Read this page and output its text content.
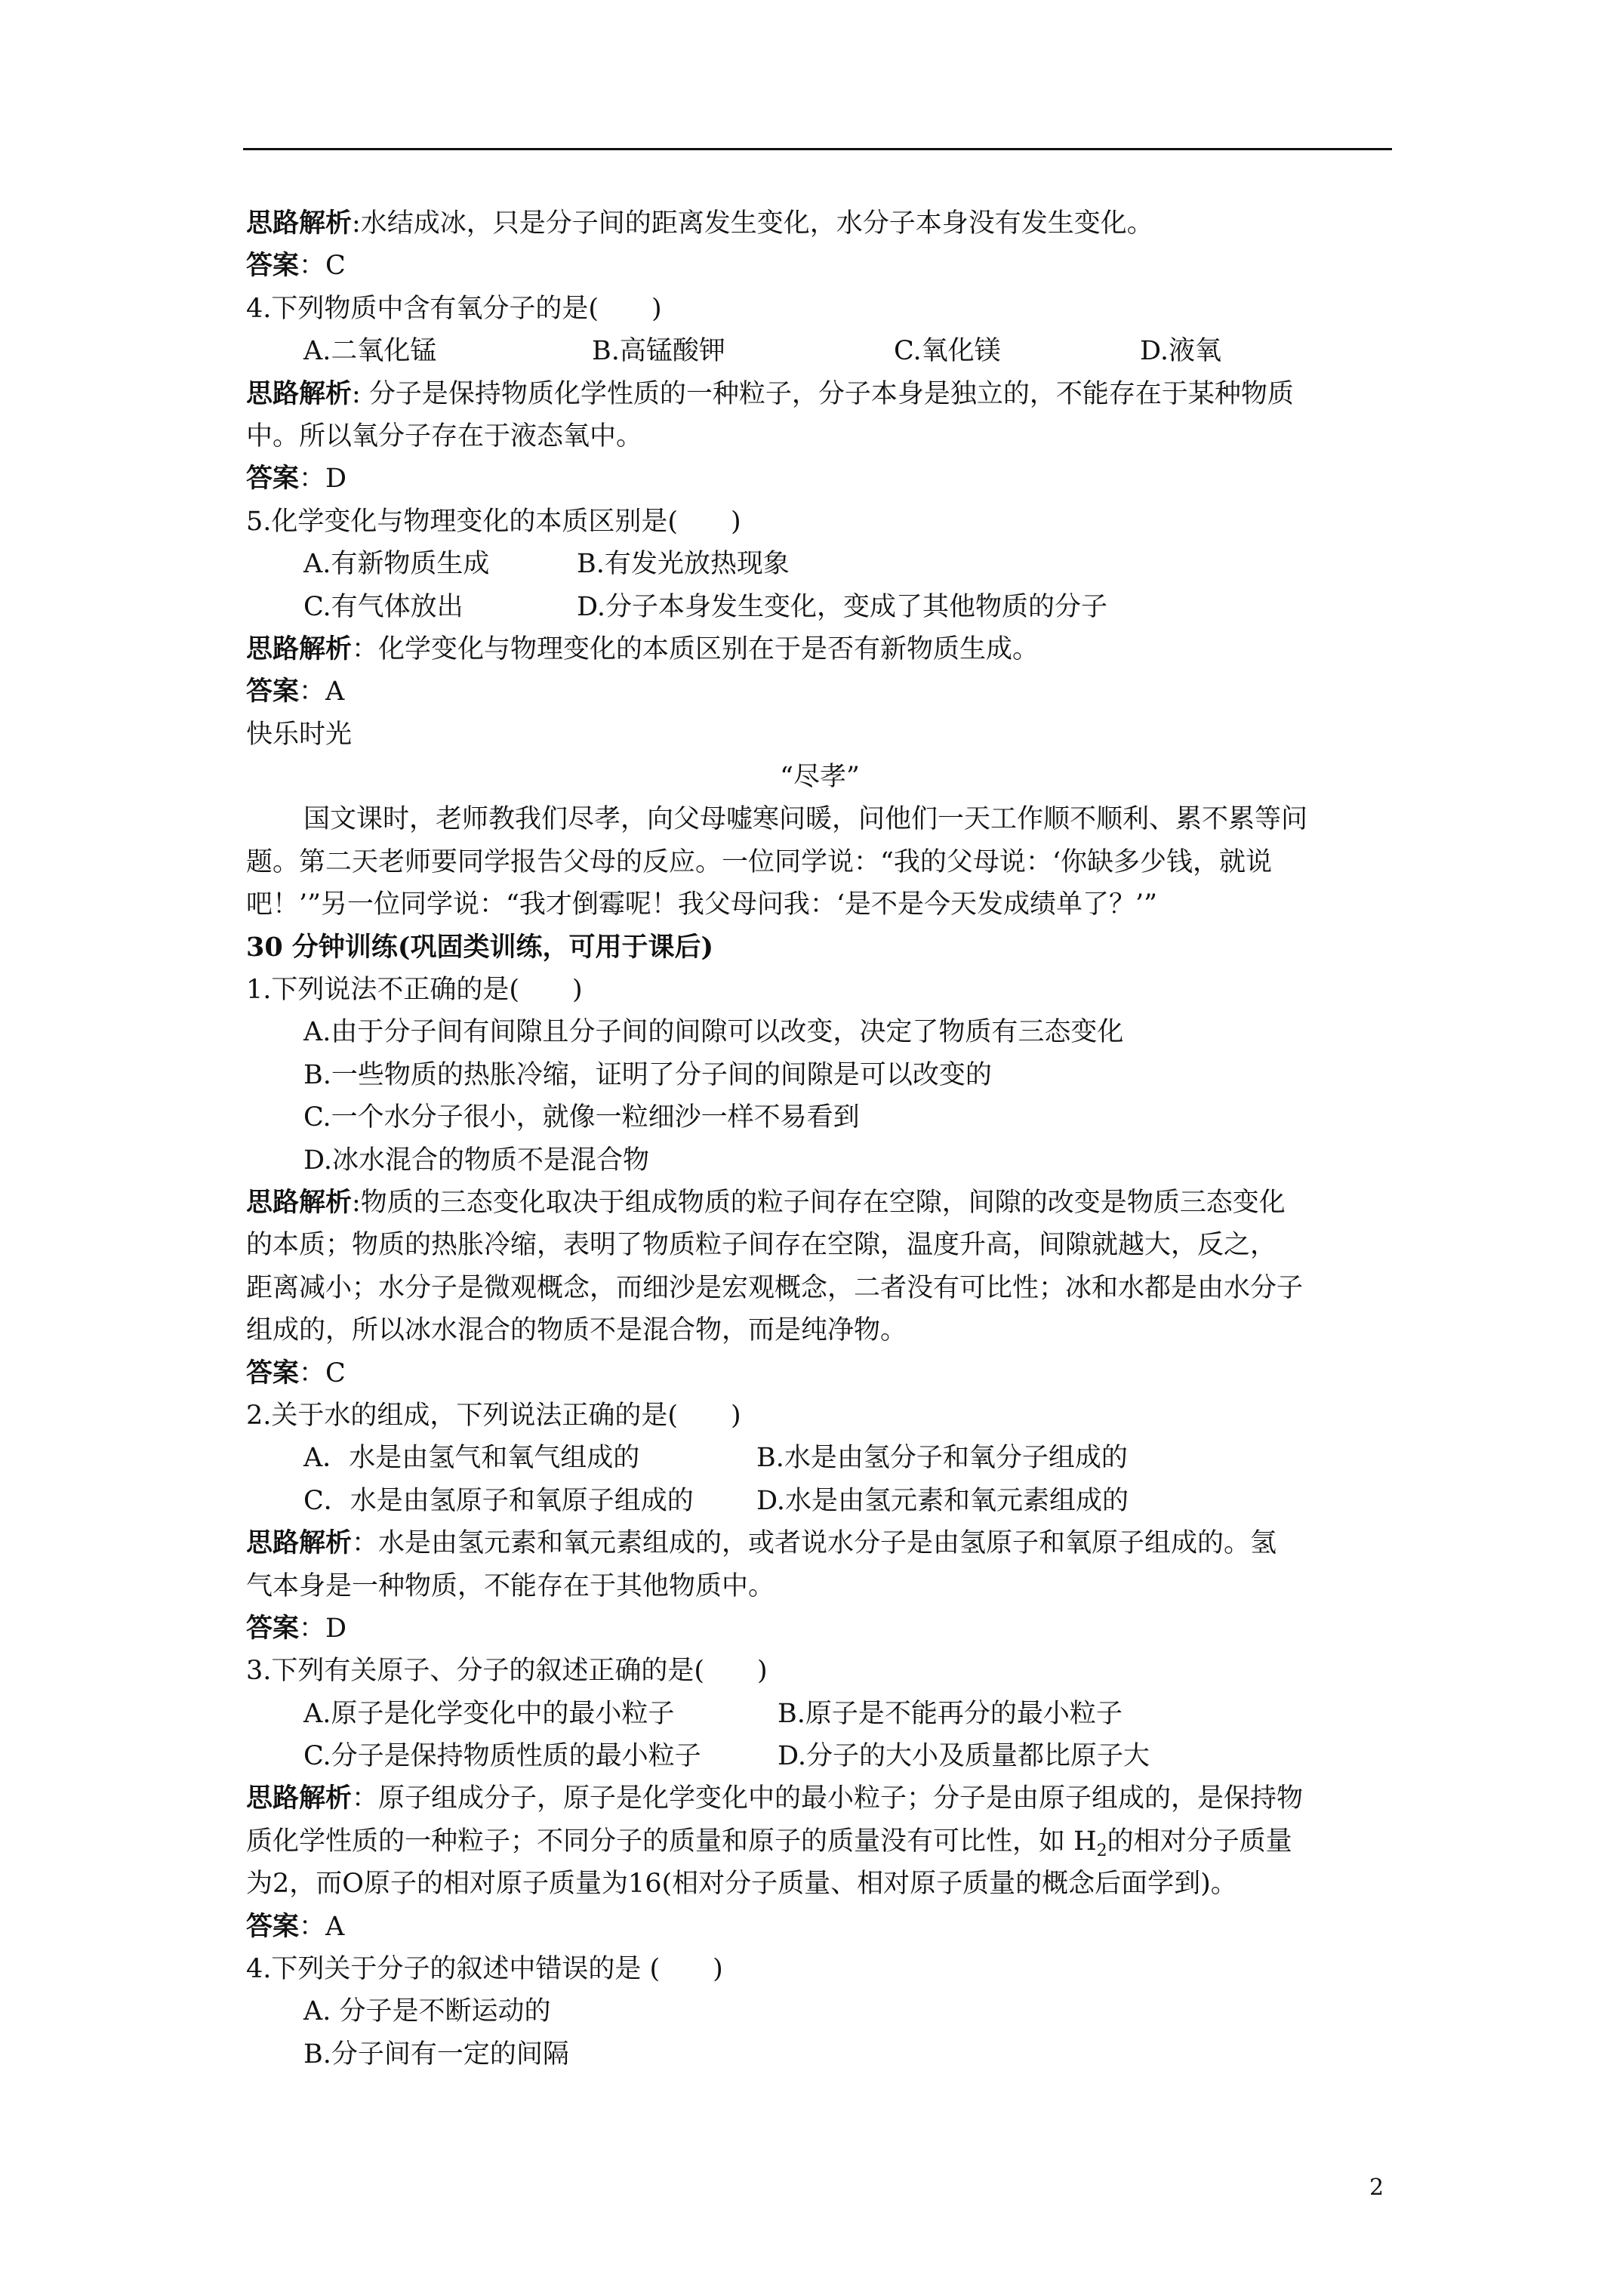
思路解析:水结成冰，只是分子间的距离发生变化，水分子本身没有发生变化。
答案：C
4.下列物质中含有氧分子的是(　　)
A.二氧化锰	B.高锰酸钾	C.氧化镁	D.液氧
思路解析: 分子是保持物质化学性质的一种粒子，分子本身是独立的，不能存在于某种物质
中。所以氧分子存在于液态氧中。
答案：D
5.化学变化与物理变化的本质区别是(　　)
A.有新物质生成	B.有发光放热现象
C.有气体放出	D.分子本身发生变化，变成了其他物质的分子
思路解析：化学变化与物理变化的本质区别在于是否有新物质生成。
答案：A
快乐时光
“尽孝”
国文课时，老师教我们尽孝，向父母嘘寒问暖，问他们一天工作顺不顺利、累不累等问
题。第二天老师要同学报告父母的反应。一位同学说：“我的父母说：‘你缺多少钱，就说
吧！’”另一位同学说：“我才倒霉呢！我父母问我：‘是不是今天发成绩单了？’”
30 分钟训练(巩固类训练，可用于课后)
1.下列说法不正确的是(　　)
A.由于分子间有间隙且分子间的间隙可以改变，决定了物质有三态变化
B.一些物质的热胀冷缩，证明了分子间的间隙是可以改变的
C.一个水分子很小，就像一粒细沙一样不易看到
D.冰水混合的物质不是混合物
思路解析:物质的三态变化取决于组成物质的粒子间存在空隙，间隙的改变是物质三态变化
的本质；物质的热胀冷缩，表明了物质粒子间存在空隙，温度升高，间隙就越大，反之，
距离减小；水分子是微观概念，而细沙是宏观概念，二者没有可比性；冰和水都是由水分子
组成的，所以冰水混合的物质不是混合物，而是纯净物。
答案：C
2.关于水的组成，下列说法正确的是(　　)
A．水是由氢气和氧气组成的	B.水是由氢分子和氧分子组成的
C．水是由氢原子和氧原子组成的 D.水是由氢元素和氧元素组成的
思路解析：水是由氢元素和氧元素组成的，或者说水分子是由氢原子和氧原子组成的。氢
气本身是一种物质，不能存在于其他物质中。
答案：D
3.下列有关原子、分子的叙述正确的是(　　)
A.原子是化学变化中的最小粒子	B.原子是不能再分的最小粒子
C.分子是保持物质性质的最小粒子	D.分子的大小及质量都比原子大
思路解析：原子组成分子，原子是化学变化中的最小粒子；分子是由原子组成的，是保持物
质化学性质的一种粒子；不同分子的质量和原子的质量没有可比性，如 $H_2$的相对分子质量
为2，而O原子的相对原子质量为16(相对分子质量、相对原子质量的概念后面学到)。
答案：A
4.下列关于分子的叙述中错误的是 (　　)
A. 分子是不断运动的
B.分子间有一定的间隔
2
